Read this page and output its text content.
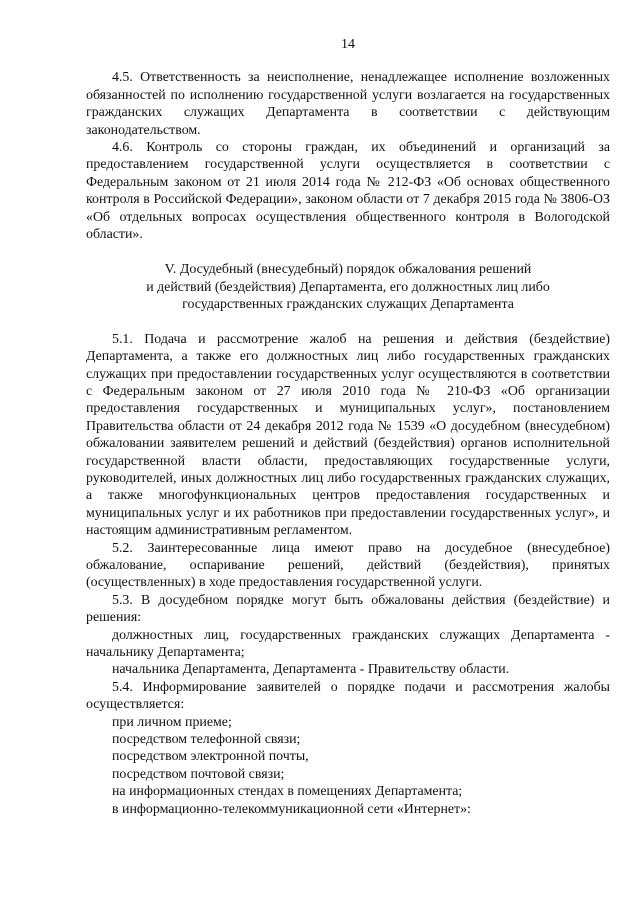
14

4.5. Ответственность за неисполнение, ненадлежащее исполнение возложенных обязанностей по исполнению государственной услуги возлагается на государственных гражданских служащих Департамента в соответствии с действующим законодательством.

4.6. Контроль со стороны граждан, их объединений и организаций за предоставлением государственной услуги осуществляется в соответствии с Федеральным законом от 21 июля 2014 года № 212-ФЗ «Об основах общественного контроля в Российской Федерации», законом области от 7 декабря 2015 года № 3806-ОЗ «Об отдельных вопросах осуществления общественного контроля в Вологодской области».

V. Досудебный (внесудебный) порядок обжалования решений
и действий (бездействия) Департамента, его должностных лиц либо
государственных гражданских служащих Департамента

5.1. Подача и рассмотрение жалоб на решения и действия (бездействие) Департамента, а также его должностных лиц либо государственных гражданских служащих при предоставлении государственных услуг осуществляются в соответствии с Федеральным законом от 27 июля 2010 года № 210-ФЗ «Об организации предоставления государственных и муниципальных услуг», постановлением Правительства области от 24 декабря 2012 года № 1539 «О досудебном (внесудебном) обжаловании заявителем решений и действий (бездействия) органов исполнительной государственной власти области, предоставляющих государственные услуги, руководителей, иных должностных лиц либо государственных гражданских служащих, а также многофункциональных центров предоставления государственных и муниципальных услуг и их работников при предоставлении государственных услуг», и настоящим административным регламентом.

5.2. Заинтересованные лица имеют право на досудебное (внесудебное) обжалование, оспаривание решений, действий (бездействия), принятых (осуществленных) в ходе предоставления государственной услуги.

5.3. В досудебном порядке могут быть обжалованы действия (бездействие) и решения:

должностных лиц, государственных гражданских служащих Департамента - начальнику Департамента;

начальника Департамента, Департамента - Правительству области.

5.4. Информирование заявителей о порядке подачи и рассмотрения жалобы осуществляется:

при личном приеме;

посредством телефонной связи;

посредством электронной почты,

посредством почтовой связи;

на информационных стендах в помещениях Департамента;

в информационно-телекоммуникационной сети «Интернет»:
